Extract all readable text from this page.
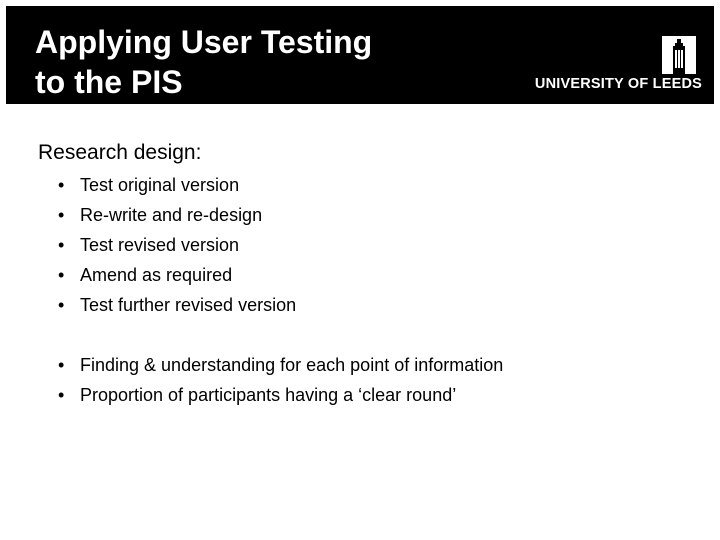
Applying User Testing
to the PIS	UNIVERSITY OF LEEDS
Research design:
• Test original version
• Re-write and re-design
• Test revised version
• Amend as required
• Test further revised version
• Finding & understanding for each point of information
• Proportion of participants having a ‘clear round’
